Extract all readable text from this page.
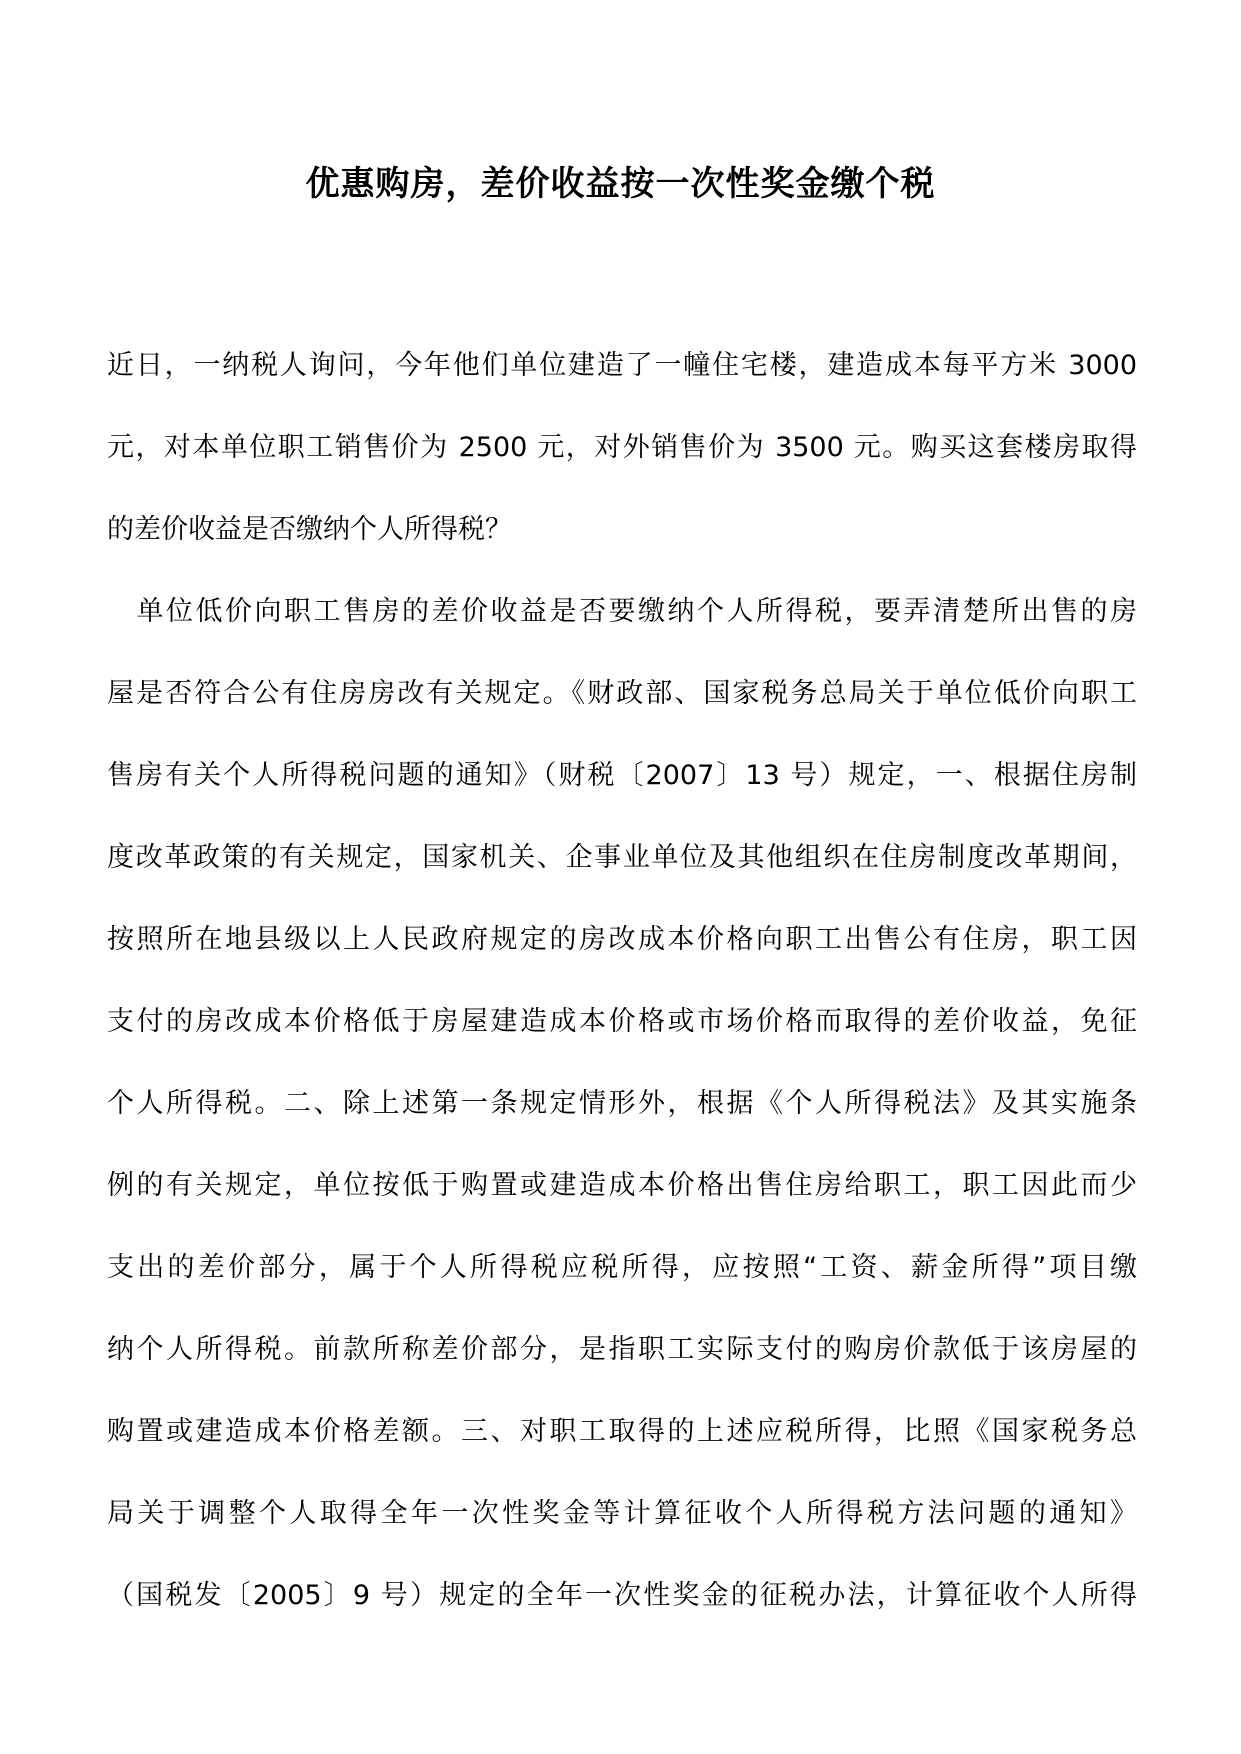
优惠购房，差价收益按一次性奖金缴个税
近日，一纳税人询问，今年他们单位建造了一幢住宅楼，建造成本每平方米 3000
元，对本单位职工销售价为 2500 元，对外销售价为 3500 元。购买这套楼房取得
的差价收益是否缴纳个人所得税？
　单位低价向职工售房的差价收益是否要缴纳个人所得税，要弄清楚所出售的房
屋是否符合公有住房房改有关规定。《财政部、国家税务总局关于单位低价向职工
售房有关个人所得税问题的通知》（财税〔2007〕13 号）规定，一、根据住房制
度改革政策的有关规定，国家机关、企事业单位及其他组织在住房制度改革期间，
按照所在地县级以上人民政府规定的房改成本价格向职工出售公有住房，职工因
支付的房改成本价格低于房屋建造成本价格或市场价格而取得的差价收益，免征
个人所得税。二、除上述第一条规定情形外，根据《个人所得税法》及其实施条
例的有关规定，单位按低于购置或建造成本价格出售住房给职工，职工因此而少
支出的差价部分，属于个人所得税应税所得，应按照“工资、薪金所得”项目缴
纳个人所得税。前款所称差价部分，是指职工实际支付的购房价款低于该房屋的
购置或建造成本价格差额。三、对职工取得的上述应税所得，比照《国家税务总
局关于调整个人取得全年一次性奖金等计算征收个人所得税方法问题的通知》
（国税发〔2005〕9 号）规定的全年一次性奖金的征税办法，计算征收个人所得
